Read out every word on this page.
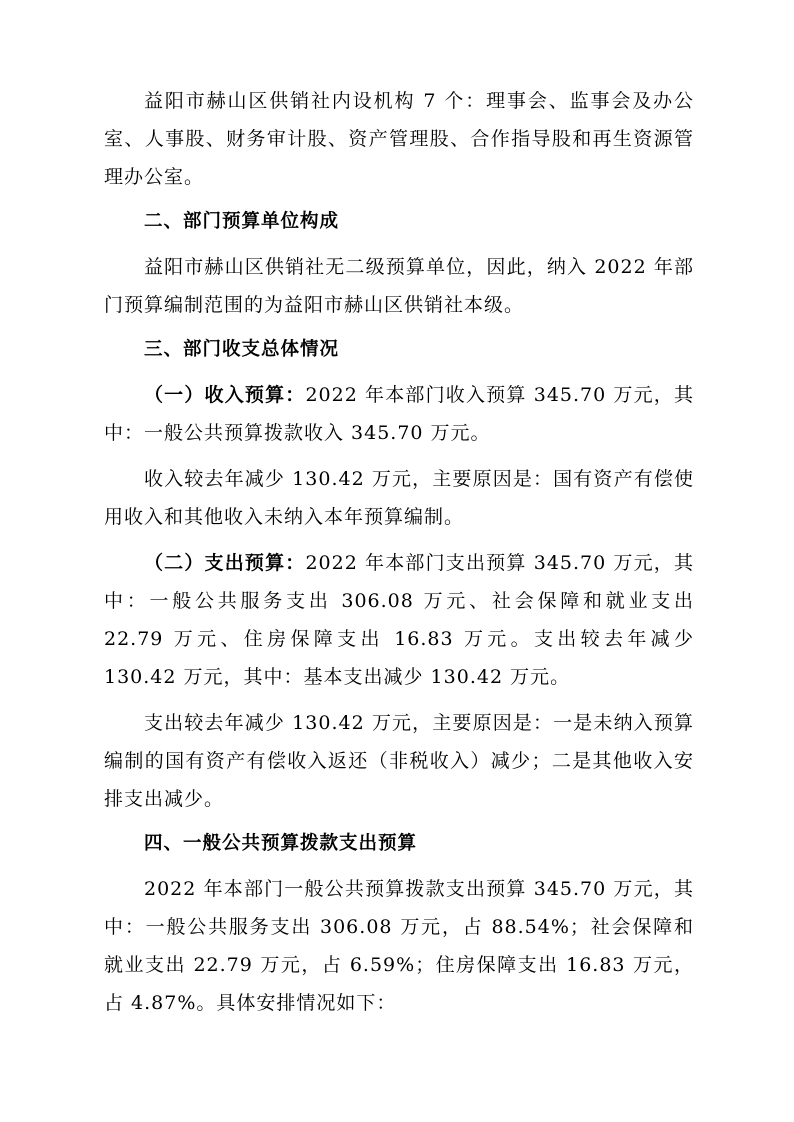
益阳市赫山区供销社内设机构 7 个：理事会、监事会及办公室、人事股、财务审计股、资产管理股、合作指导股和再生资源管理办公室。

二、部门预算单位构成

益阳市赫山区供销社无二级预算单位，因此，纳入 2022 年部门预算编制范围的为益阳市赫山区供销社本级。

三、部门收支总体情况

（一）收入预算：2022 年本部门收入预算 345.70 万元，其中：一般公共预算拨款收入 345.70 万元。

收入较去年减少 130.42 万元，主要原因是：国有资产有偿使用收入和其他收入未纳入本年预算编制。

（二）支出预算：2022 年本部门支出预算 345.70 万元，其中：一般公共服务支出 306.08 万元、社会保障和就业支出 22.79 万元、住房保障支出 16.83 万元。支出较去年减少 130.42 万元，其中：基本支出减少 130.42 万元。

支出较去年减少 130.42 万元，主要原因是：一是未纳入预算编制的国有资产有偿收入返还（非税收入）减少；二是其他收入安排支出减少。

四、一般公共预算拨款支出预算

2022 年本部门一般公共预算拨款支出预算 345.70 万元，其中：一般公共服务支出 306.08 万元，占 88.54%；社会保障和就业支出 22.79 万元，占 6.59%；住房保障支出 16.83 万元，占 4.87%。具体安排情况如下：
